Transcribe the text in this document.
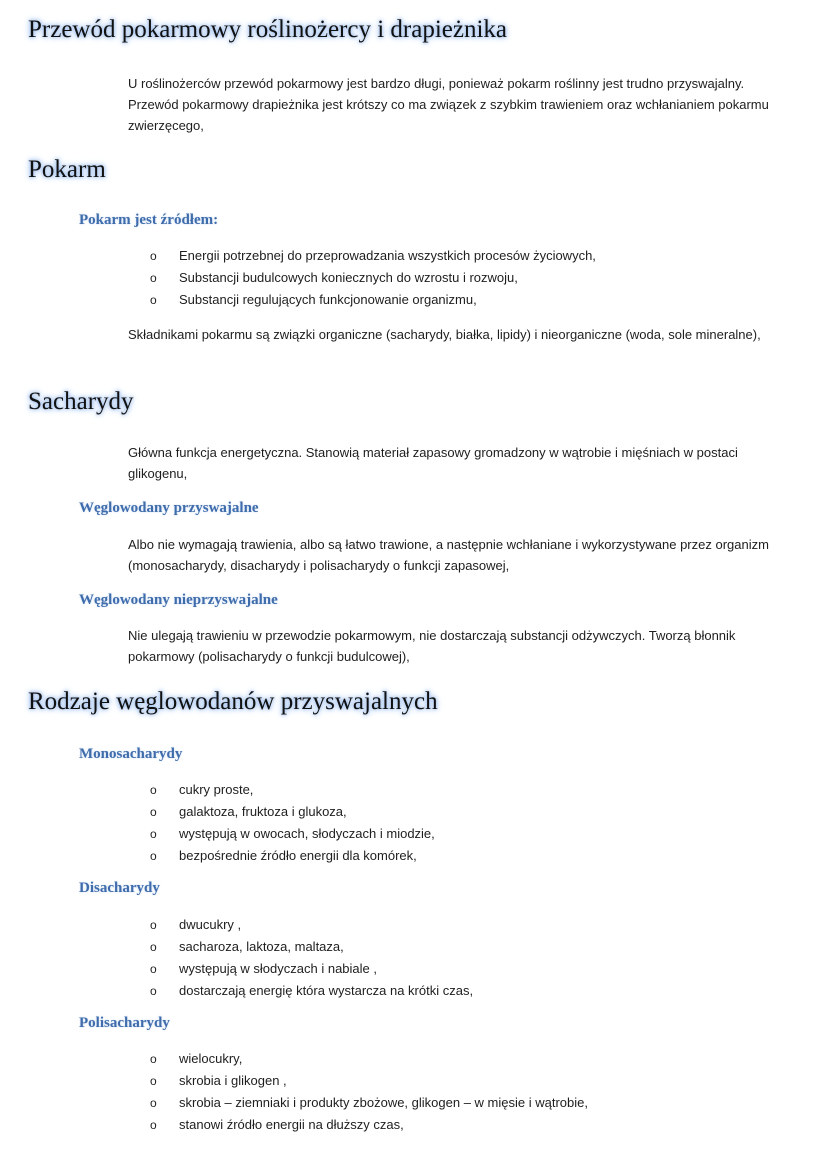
Przewód pokarmowy roślinożercy i drapieżnika

U roślinożerców przewód pokarmowy jest bardzo długi, ponieważ pokarm roślinny jest trudno przyswajalny. Przewód pokarmowy drapieżnika jest krótszy co ma związek z szybkim trawieniem oraz wchłanianiem pokarmu zwierzęcego,

Pokarm
Pokarm jest źródłem:
o Energii potrzebnej do przeprowadzania wszystkich procesów życiowych,
o Substancji budulcowych koniecznych do wzrostu i rozwoju,
o Substancji regulujących funkcjonowanie organizmu,

Składnikami pokarmu są związki organiczne (sacharydy, białka, lipidy) i nieorganiczne (woda, sole mineralne),

Sacharydy

Główna funkcja energetyczna. Stanowią materiał zapasowy gromadzony w wątrobie i mięśniach w postaci glikogenu,

Węglowodany przyswajalne

Albo nie wymagają trawienia, albo są łatwo trawione, a następnie wchłaniane i wykorzystywane przez organizm (monosacharydy, disacharydy i polisacharydy o funkcji zapasowej,

Węglowodany nieprzyswajalne

Nie ulegają trawieniu w przewodzie pokarmowym, nie dostarczają substancji odżywczych. Tworzą błonnik pokarmowy (polisacharydy o funkcji budulcowej),

Rodzaje węglowodanów przyswajalnych
Monosacharydy
o cukry proste,
o galaktoza, fruktoza i glukoza,
o występują w owocach, słodyczach i miodzie,
o bezpośrednie źródło energii dla komórek,
Disacharydy
o dwucukry ,
o sacharoza, laktoza, maltaza,
o występują w słodyczach i nabiale ,
o dostarczają energię która wystarcza na krótki czas,
Polisacharydy
o wielocukry,
o skrobia i glikogen ,
o skrobia – ziemniaki i produkty zbożowe, glikogen – w mięsie i wątrobie,
o stanowi źródło energii na dłuższy czas,
